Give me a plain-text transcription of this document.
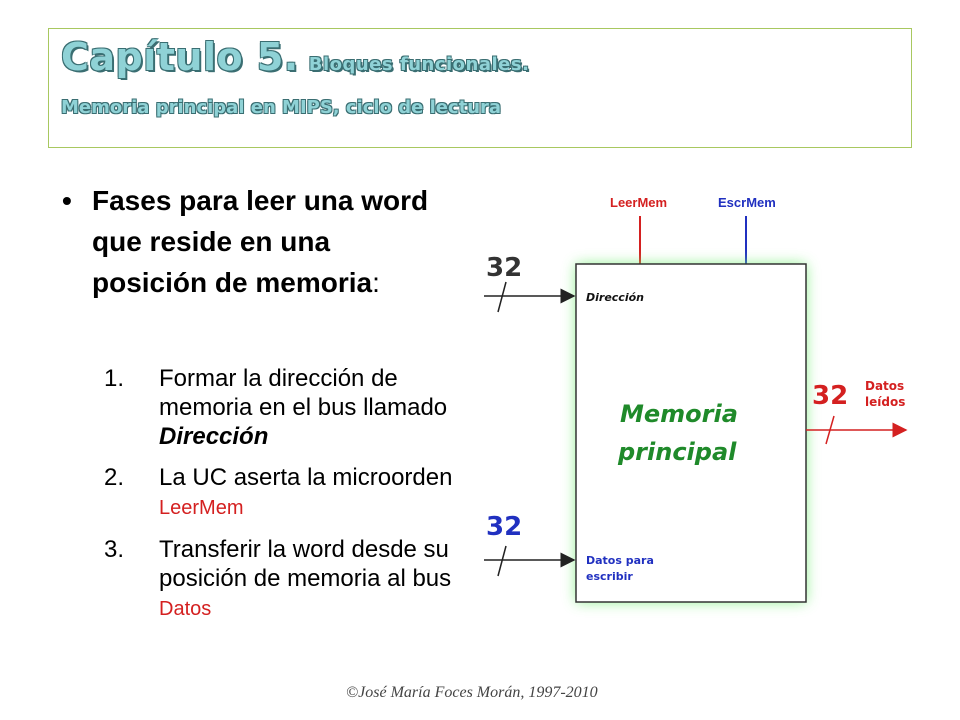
Capítulo 5. Bloques funcionales.
Memoria principal en MIPS, ciclo de lectura
• Fases para leer una word que reside en una posición de memoria:
1. Formar la dirección de memoria en el bus llamado Dirección
2. La UC aserta la microorden LeerMem
3. Transferir la word desde su posición de memoria al bus Datos
LeerMem	EscrMem
32
Dirección
Memoria
principal
32 Datos
leídos
32
Datos para
escribir
©José María Foces Morán, 1997-2010
